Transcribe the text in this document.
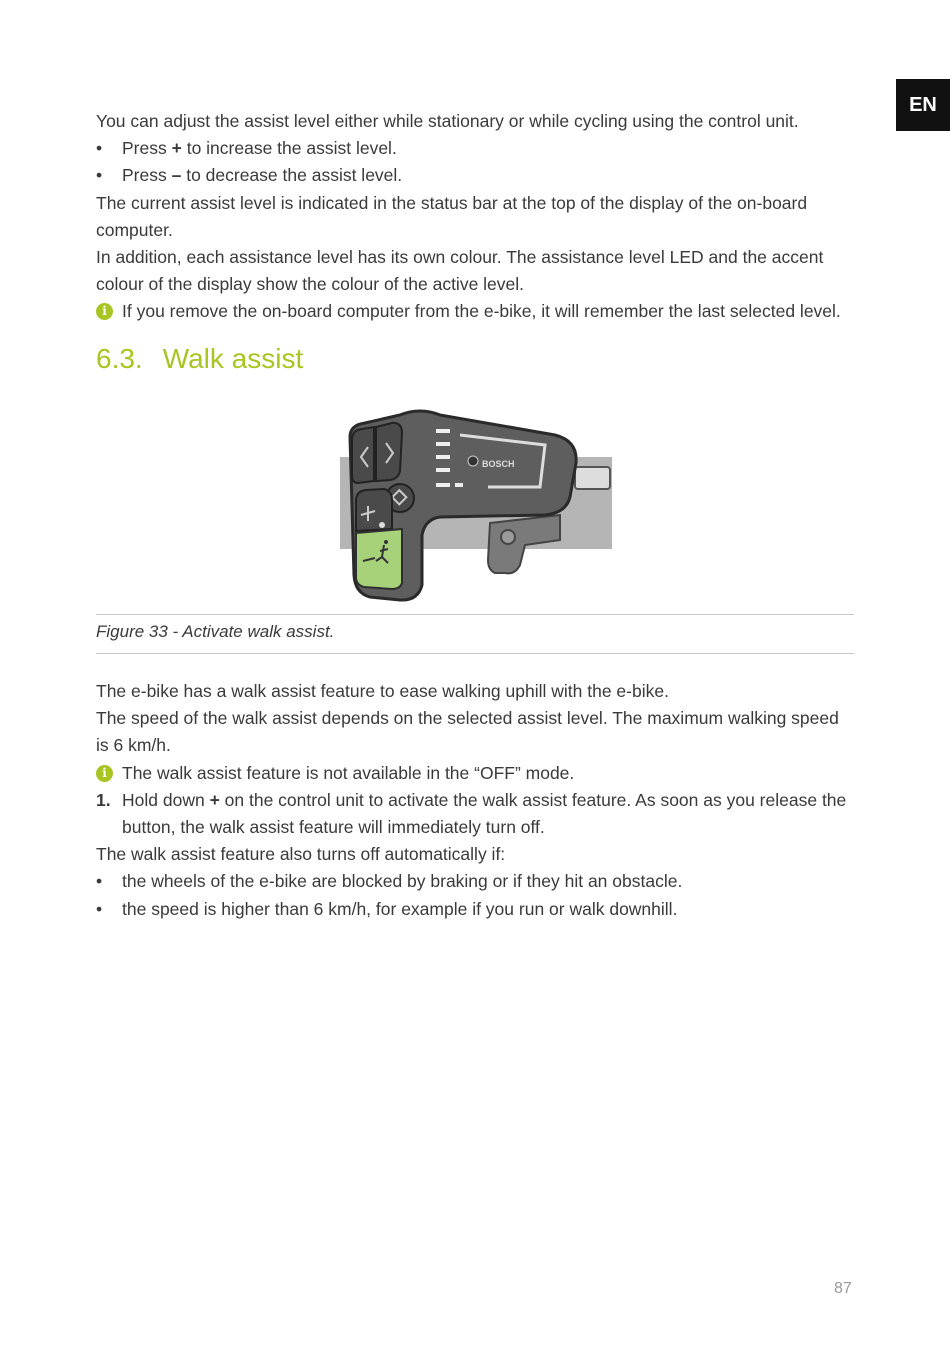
EN

You can adjust the assist level either while stationary or while cycling using the control unit.

•	Press + to increase the assist level.
•	Press – to decrease the assist level.

The current assist level is indicated in the status bar at the top of the display of the on-board computer.

In addition, each assistance level has its own colour. The assistance level LED and the accent colour of the display show the colour of the active level.

i If you remove the on-board computer from the e-bike, it will remember the last selected level.
6.3. Walk assist
BOSCH
Figure 33 - Activate walk assist.

The e-bike has a walk assist feature to ease walking uphill with the e-bike.

The speed of the walk assist depends on the selected assist level. The maximum walking speed is 6 km/h.

i The walk assist feature is not available in the “OFF” mode.
1. Hold down + on the control unit to activate the walk assist feature. As soon as you release the button, the walk assist feature will immediately turn off.

The walk assist feature also turns off automatically if:

•	the wheels of the e-bike are blocked by braking or if they hit an obstacle.
•	the speed is higher than 6 km/h, for example if you run or walk downhill.
87
